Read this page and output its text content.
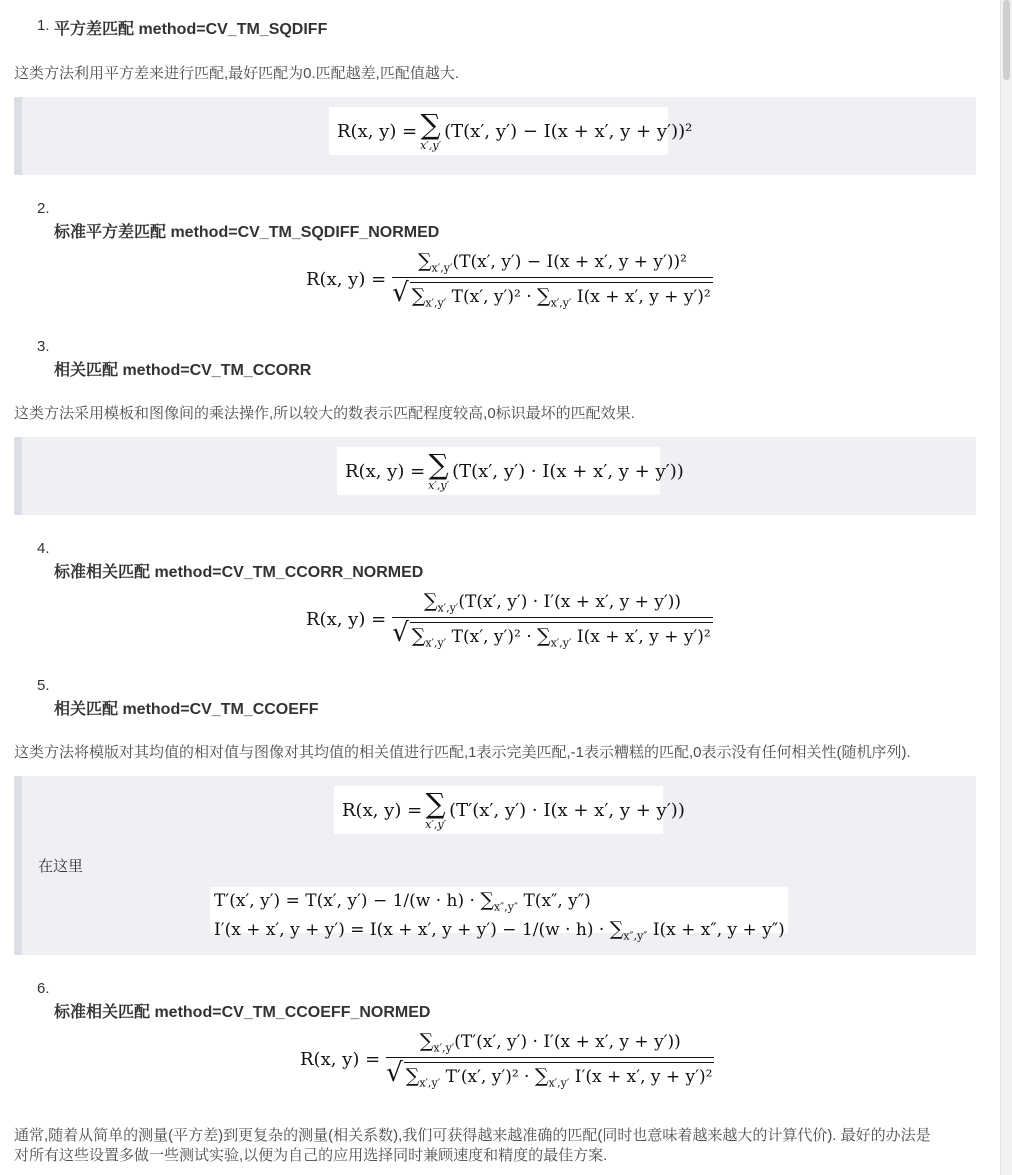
1. 平方差匹配 method=CV_TM_SQDIFF
这类方法利用平方差来进行匹配,最好匹配为0.匹配越差,匹配值越大.
R(x, y) = ∑
x′,y′
(T(x′, y′) − I(x + x′, y + y′))²
2.
标准平方差匹配 method=CV_TM_SQDIFF_NORMED
R(x, $y) = \frac{\sum_{x',y'}(T(x', y') - I(x + x', y + y'))^2}{√ \sum_{x',y'} T(x', y')^2 \cdot \sum_{x',y'} I(x + x', y + y')^2}$
3.
相关匹配 method=CV_TM_CCORR
这类方法采用模板和图像间的乘法操作,所以较大的数表示匹配程度较高,0标识最坏的匹配效果.
R(x, y) = ∑
x′,y′
(T(x′, y′) · I(x + x′, y + y′))
4.
标准相关匹配 method=CV_TM_CCORR_NORMED
R(x, $y) = \frac{\sum_{x',y'}(T(x', y') \cdot I'(x + x', y + y'))}{√ \sum_{x',y'} T(x', y')^2 \cdot \sum_{x',y'} I(x + x', y + y')^2}$
5.
相关匹配 method=CV_TM_CCOEFF
这类方法将模版对其均值的相对值与图像对其均值的相关值进行匹配,1表示完美匹配,-1表示糟糕的匹配,0表示没有任何相关性(随机序列).
R(x, y) = ∑
x′,y′
(T′(x′, y′) · I(x + x′, y + y′))
在这里
T′(x′, y′) = T(x′, $y') - 1/(w \cdot h) \cdot \sum_{x'',y''}$ T(x″, y″)
I′(x + x′, y + y′) = I(x + x′, $y + y') - 1/(w \cdot h) \cdot \sum_{x'',y''}$ I(x + x″, y + y″)
6.
标准相关匹配 method=CV_TM_CCOEFF_NORMED
R(x, $y) = \frac{\sum_{x',y'}(T'(x', y') \cdot I'(x + x', y + y'))}{√ \sum_{x',y'} T'(x', y')^2 \cdot \sum_{x',y'} I'(x + x', y + y')^2}$
通常,随着从简单的测量(平方差)到更复杂的测量(相关系数),我们可获得越来越准确的匹配(同时也意味着越来越大的计算代价). 最好的办法是
对所有这些设置多做一些测试实验,以便为自己的应用选择同时兼顾速度和精度的最佳方案.
